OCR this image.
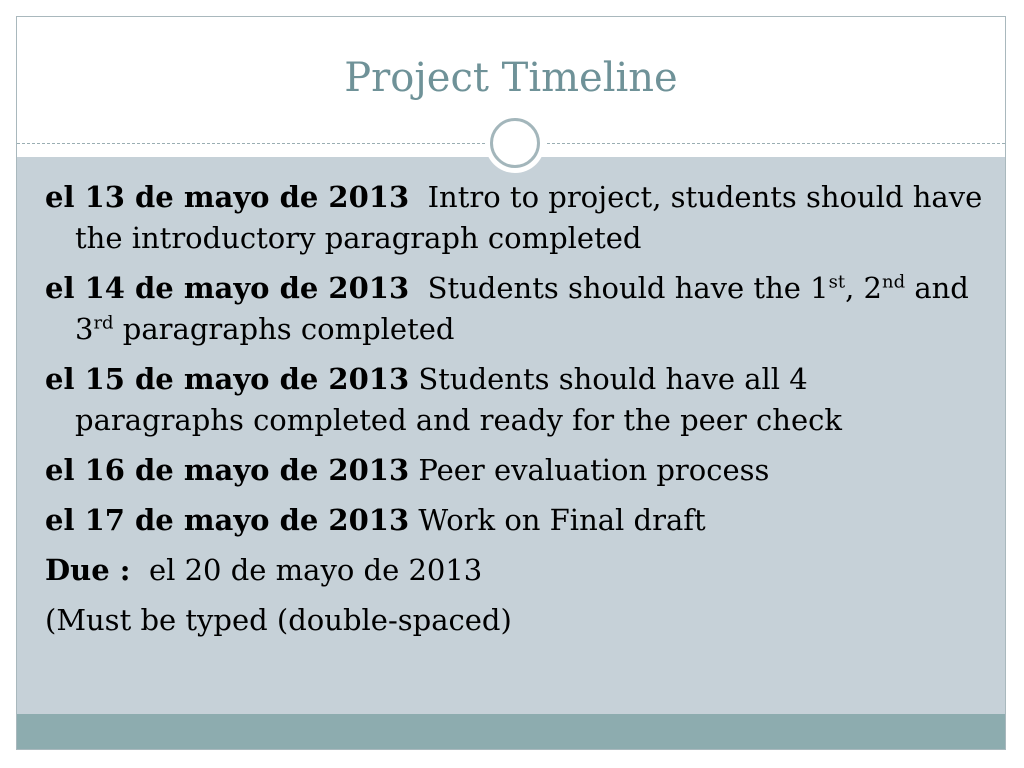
Project Timeline
el 13 de mayo de 2013 Intro to project, students should have the introductory paragraph completed
el 14 de mayo de 2013 Students should have the 1st, 2nd and 3rd paragraphs completed
el 15 de mayo de 2013 Students should have all 4 paragraphs completed and ready for the peer check
el 16 de mayo de 2013 Peer evaluation process
el 17 de mayo de 2013 Work on Final draft
Due : el 20 de mayo de 2013
(Must be typed (double-spaced)
